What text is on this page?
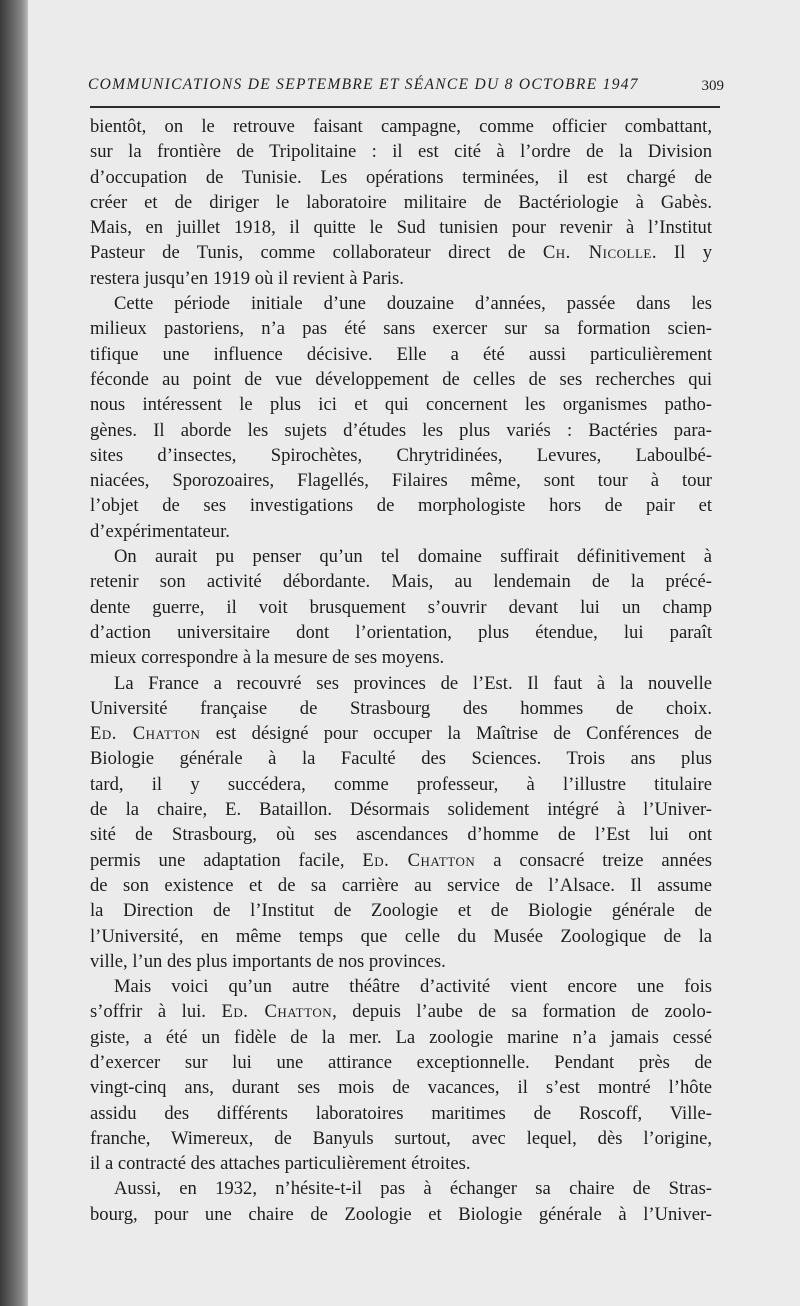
COMMUNICATIONS DE SEPTEMBRE ET SÉANCE DU 8 OCTOBRE 1947	309
bientôt, on le retrouve faisant campagne, comme officier combattant,
sur la frontière de Tripolitaine : il est cité à l’ordre de la Division
d’occupation de Tunisie. Les opérations terminées, il est chargé de
créer et de diriger le laboratoire militaire de Bactériologie à Gabès.
Mais, en juillet 1918, il quitte le Sud tunisien pour revenir à l’Institut
Pasteur de Tunis, comme collaborateur direct de Ch. Nicolle. Il y
restera jusqu’en 1919 où il revient à Paris.
Cette période initiale d’une douzaine d’années, passée dans les
milieux pastoriens, n’a pas été sans exercer sur sa formation scien-
tifique une influence décisive. Elle a été aussi particulièrement
féconde au point de vue développement de celles de ses recherches qui
nous intéressent le plus ici et qui concernent les organismes patho-
gènes. Il aborde les sujets d’études les plus variés : Bactéries para-
sites d’insectes, Spirochètes, Chrytridinées, Levures, Laboulbé-
niacées, Sporozoaires, Flagellés, Filaires même, sont tour à tour
l’objet de ses investigations de morphologiste hors de pair et
d’expérimentateur.
On aurait pu penser qu’un tel domaine suffirait définitivement à
retenir son activité débordante. Mais, au lendemain de la précé-
dente guerre, il voit brusquement s’ouvrir devant lui un champ
d’action universitaire dont l’orientation, plus étendue, lui paraît
mieux correspondre à la mesure de ses moyens.
La France a recouvré ses provinces de l’Est. Il faut à la nouvelle
Université française de Strasbourg des hommes de choix.
Ed. Chatton est désigné pour occuper la Maîtrise de Conférences de
Biologie générale à la Faculté des Sciences. Trois ans plus
tard, il y succédera, comme professeur, à l’illustre titulaire
de la chaire, E. Bataillon. Désormais solidement intégré à l’Univer-
sité de Strasbourg, où ses ascendances d’homme de l’Est lui ont
permis une adaptation facile, Ed. Chatton a consacré treize années
de son existence et de sa carrière au service de l’Alsace. Il assume
la Direction de l’Institut de Zoologie et de Biologie générale de
l’Université, en même temps que celle du Musée Zoologique de la
ville, l’un des plus importants de nos provinces.
Mais voici qu’un autre théâtre d’activité vient encore une fois
s’offrir à lui. Ed. Chatton, depuis l’aube de sa formation de zoolo-
giste, a été un fidèle de la mer. La zoologie marine n’a jamais cessé
d’exercer sur lui une attirance exceptionnelle. Pendant près de
vingt-cinq ans, durant ses mois de vacances, il s’est montré l’hôte
assidu des différents laboratoires maritimes de Roscoff, Ville-
franche, Wimereux, de Banyuls surtout, avec lequel, dès l’origine,
il a contracté des attaches particulièrement étroites.
Aussi, en 1932, n’hésite-t-il pas à échanger sa chaire de Stras-
bourg, pour une chaire de Zoologie et Biologie générale à l’Univer-
